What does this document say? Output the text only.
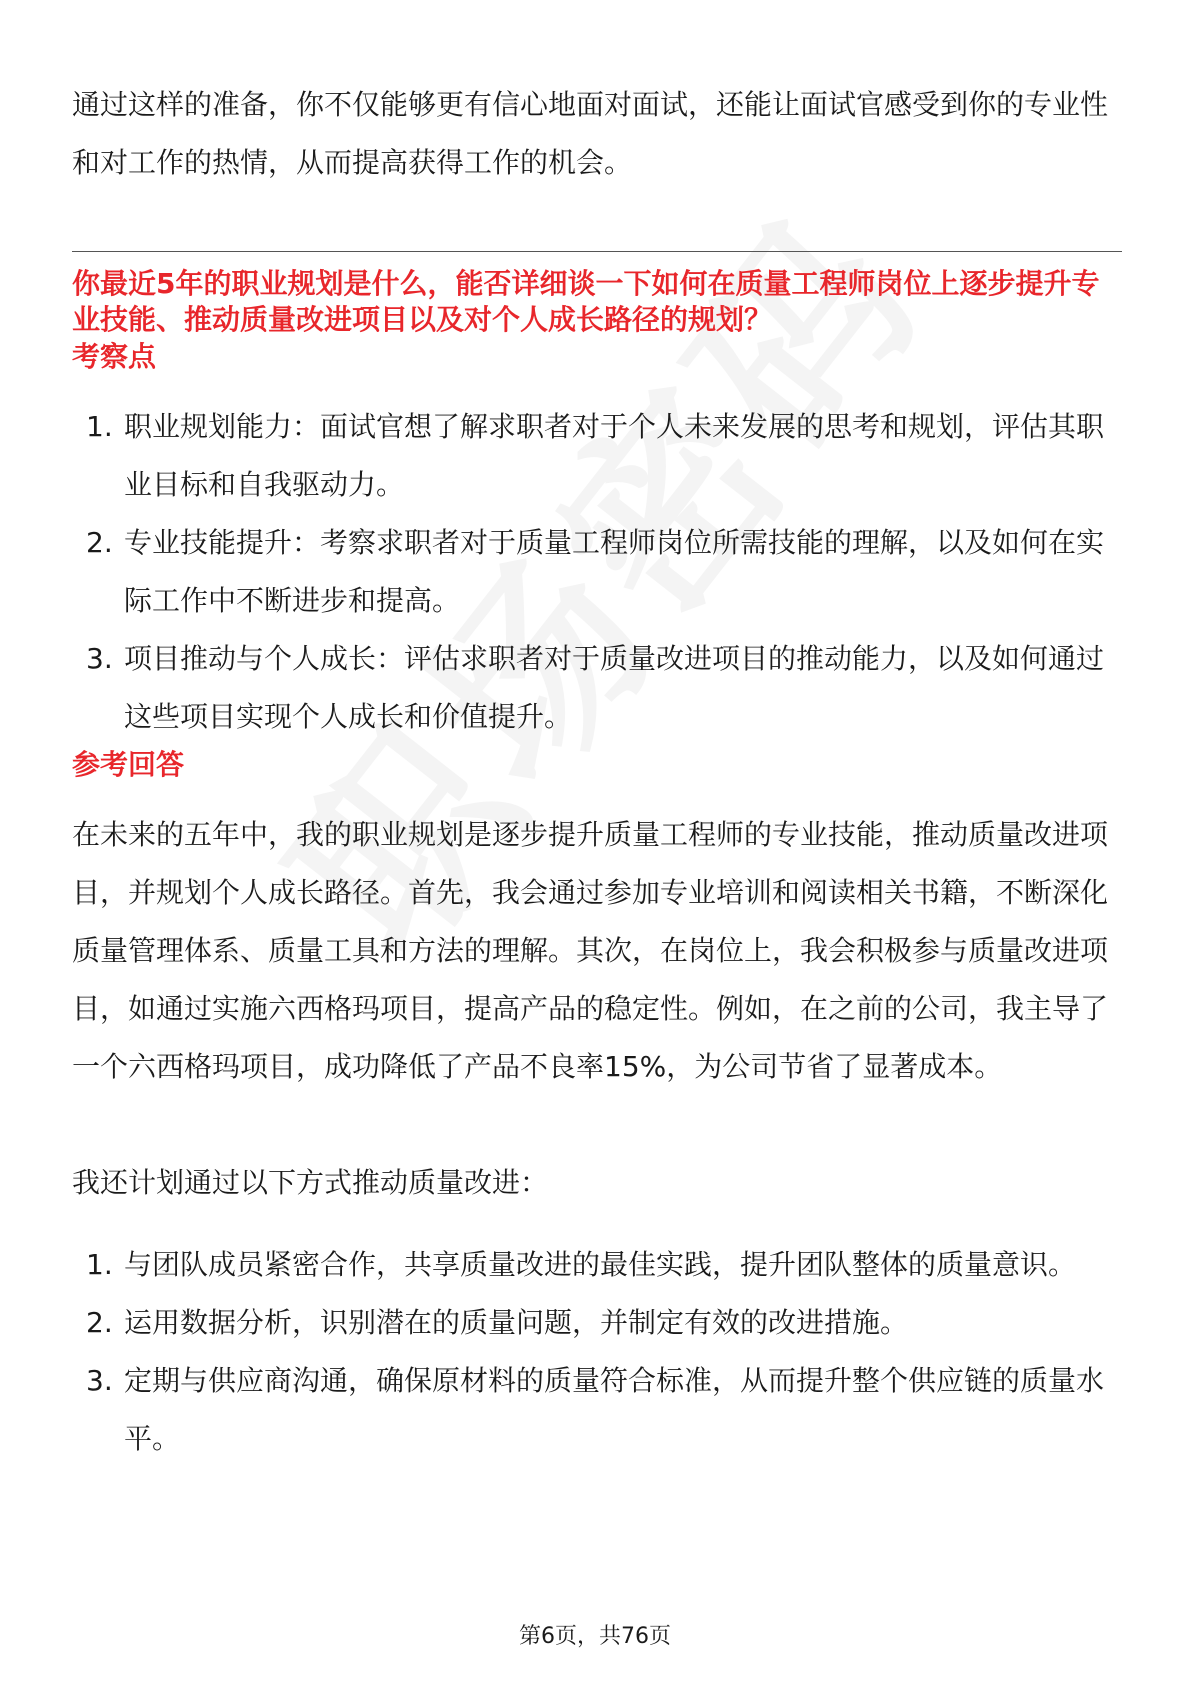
通过这样的准备，你不仅能够更有信心地面对面试，还能让面试官感受到你的专业性和对工作的热情，从而提高获得工作的机会。

你最近5年的职业规划是什么，能否详细谈一下如何在质量工程师岗位上逐步提升专业技能、推动质量改进项目以及对个人成长路径的规划？

考察点

1. 职业规划能力：面试官想了解求职者对于个人未来发展的思考和规划，评估其职业目标和自我驱动力。
2. 专业技能提升：考察求职者对于质量工程师岗位所需技能的理解，以及如何在实际工作中不断进步和提高。
3. 项目推动与个人成长：评估求职者对于质量改进项目的推动能力，以及如何通过这些项目实现个人成长和价值提升。

参考回答

在未来的五年中，我的职业规划是逐步提升质量工程师的专业技能，推动质量改进项目，并规划个人成长路径。首先，我会通过参加专业培训和阅读相关书籍，不断深化质量管理体系、质量工具和方法的理解。其次，在岗位上，我会积极参与质量改进项目，如通过实施六西格玛项目，提高产品的稳定性。例如，在之前的公司，我主导了一个六西格玛项目，成功降低了产品不良率15%，为公司节省了显著成本。

我还计划通过以下方式推动质量改进：

1. 与团队成员紧密合作，共享质量改进的最佳实践，提升团队整体的质量意识。
2. 运用数据分析，识别潜在的质量问题，并制定有效的改进措施。
3. 定期与供应商沟通，确保原材料的质量符合标准，从而提升整个供应链的质量水平。
第6页，共76页
